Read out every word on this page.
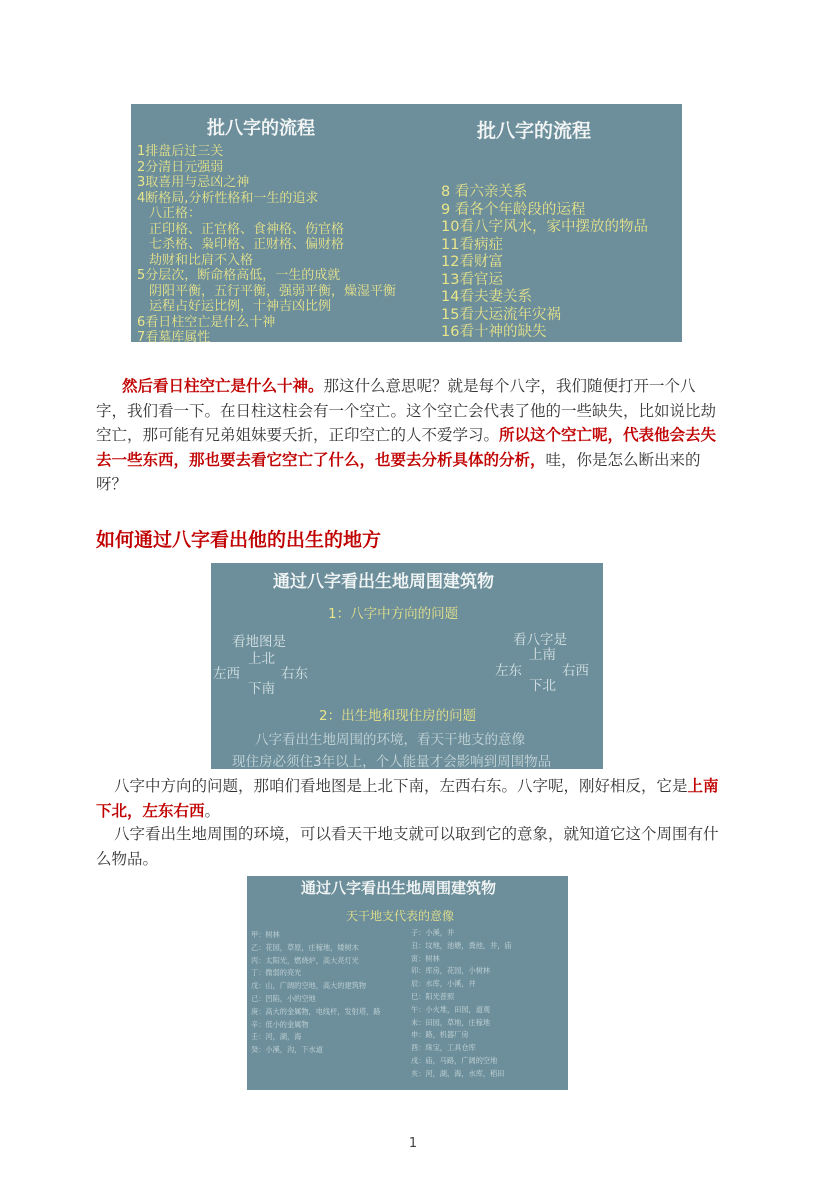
批八字的流程	批八字的流程
1排盘后过三关
2分清日元强弱
3取喜用与忌凶之神
4断格局,分析性格和一生的追求
八正格：
正印格、正官格、食神格、伤官格
七杀格、枭印格、正财格、偏财格
劫财和比肩不入格
5分层次，断命格高低，一生的成就
阴阳平衡，五行平衡，强弱平衡，燥湿平衡
运程占好运比例，十神吉凶比例
6看日柱空亡是什么十神
7看墓库属性
8 看六亲关系
9 看各个年龄段的运程
10看八字风水，家中摆放的物品
11看病症
12看财富
13看官运
14看夫妻关系
15看大运流年灾祸
16看十神的缺失
然后看日柱空亡是什么十神。那这什么意思呢？就是每个八字，我们随便打开一个八字，我们看一下。在日柱这柱会有一个空亡。这个空亡会代表了他的一些缺失，比如说比劫空亡，那可能有兄弟姐妹要夭折，正印空亡的人不爱学习。所以这个空亡呢，代表他会去失去一些东西，那也要去看它空亡了什么，也要去分析具体的分析，哇，你是怎么断出来的呀？
如何通过八字看出他的出生的地方
通过八字看出生地周围建筑物
1：八字中方向的问题
看地图是
上北
左西	右东
下南
看八字是
上南
左东	右西
下北
2：出生地和现住房的问题
八字看出生地周围的环境，看天干地支的意像
现住房必须住3年以上，个人能量才会影响到周围物品
八字中方向的问题，那咱们看地图是上北下南，左西右东。八字呢，刚好相反，它是上南下北，左东右西。
八字看出生地周围的环境，可以看天干地支就可以取到它的意象，就知道它这个周围有什么物品。
通过八字看出生地周围建筑物
天干地支代表的意像
甲：树林
乙：花园，草原，庄稼地，矮树木
丙：太阳光，燃烧炉，高大亮灯光
丁：微弱的亮光
戊：山，广阔的空地，高大的建筑物
己：凹陷，小的空地
庚：高大的金属物，电线杆，发射塔，路
辛：低小的金属物
壬：河，湖，海
癸：小溪，沟，下水道
子：小溪，井
丑：坟地，池塘，粪池，井，庙
寅：树林
卯：库房，花园，小树林
辰：水库，小溪，井
巳：阳光普照
午：小火堆，田园，道观
未：田园，草地，庄稼地
申：路，机器厂房
酉：珠宝，工具仓库
戌：庙，马路，广阔的空地
亥：河，湖，海，水库，稻田
1
